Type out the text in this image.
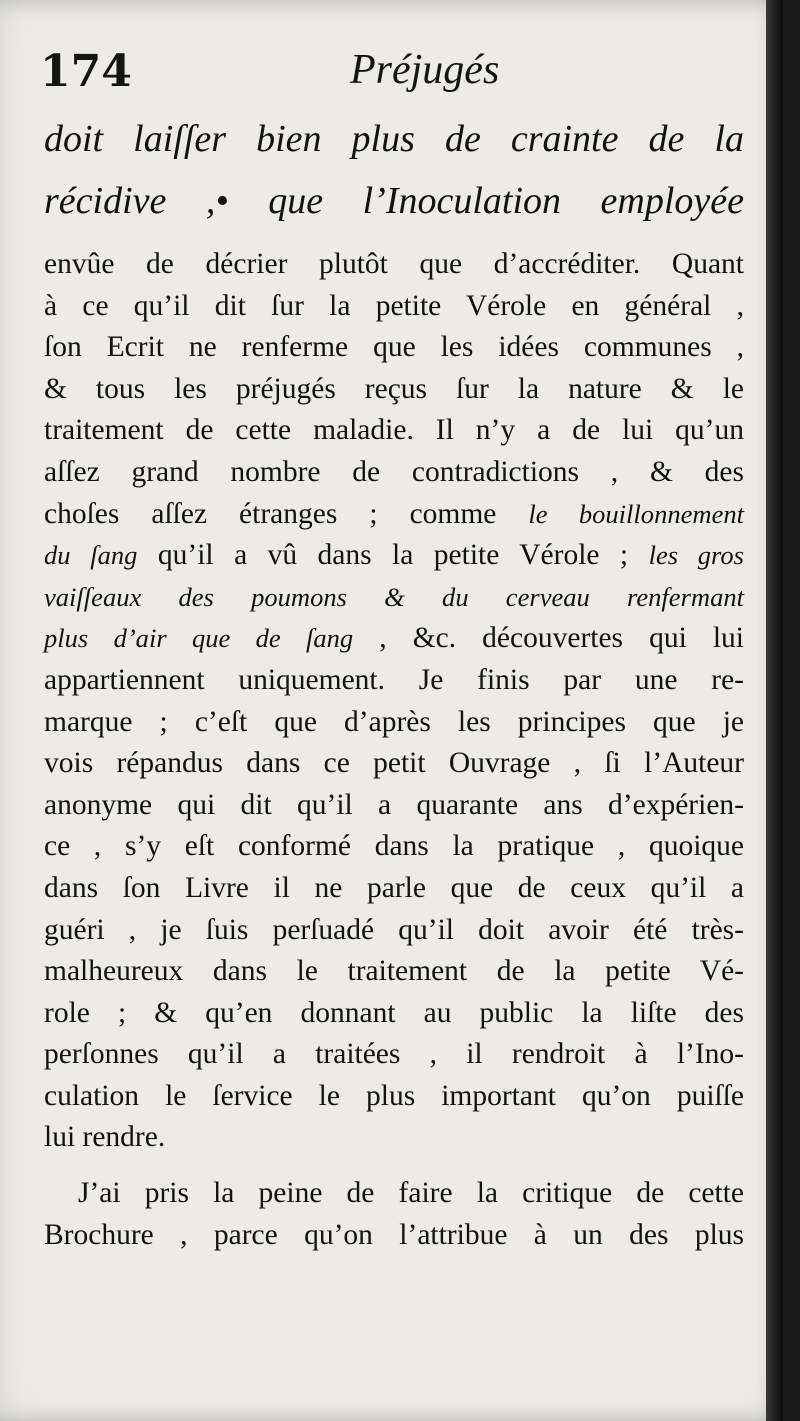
174	Préjugés
doit laiſſer bien plus de crainte de la
récidive ,• que l’Inoculation employée
envûe de décrier plutôt que d’accréditer. Quant
à ce qu’il dit ſur la petite Vérole en général ,
ſon Ecrit ne renferme que les idées communes ,
& tous les préjugés reçus ſur la nature & le
traitement de cette maladie. Il n’y a de lui qu’un
aſſez grand nombre de contradictions , & des
choſes aſſez étranges ; comme le bouillonnement
du ſang qu’il a vû dans la petite Vérole ; les gros
vaiſſeaux des poumons & du cerveau renfermant
plus d’air que de ſang , &c. découvertes qui lui
appartiennent uniquement. Je finis par une re-
marque ; c’eſt que d’après les principes que je
vois répandus dans ce petit Ouvrage , ſi l’Auteur
anonyme qui dit qu’il a quarante ans d’expérien-
ce , s’y eſt conformé dans la pratique , quoique
dans ſon Livre il ne parle que de ceux qu’il a
guéri , je ſuis perſuadé qu’il doit avoir été très-
malheureux dans le traitement de la petite Vé-
role ; & qu’en donnant au public la liſte des
perſonnes qu’il a traitées , il rendroit à l’Ino-
culation le ſervice le plus important qu’on puiſſe
lui rendre.
J’ai pris la peine de faire la critique de cette
Brochure , parce qu’on l’attribue à un des plus
